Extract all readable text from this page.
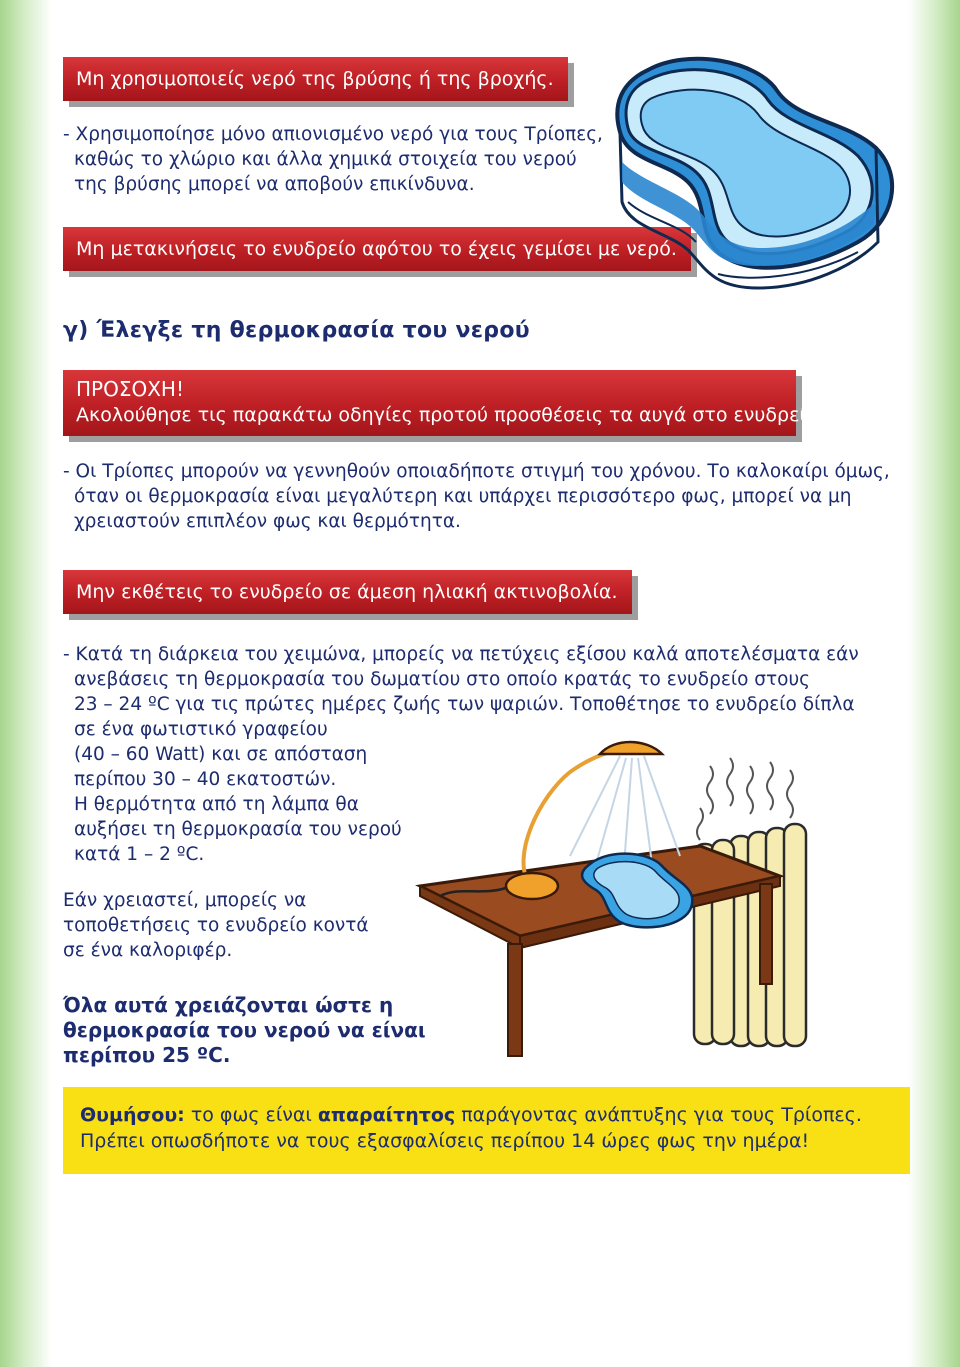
Μη χρησιμοποιείς νερό της βρύσης ή της βροχής.
- Χρησιμοποίησε μόνο απιονισμένο νερό για τους Τρίοπες,
καθώς το χλώριο και άλλα χημικά στοιχεία του νερού
της βρύσης μπορεί να αποβούν επικίνδυνα.
Μη μετακινήσεις το ενυδρείο αφότου το έχεις γεμίσει με νερό.
γ) Έλεγξε τη θερμοκρασία του νερού
ΠΡΟΣΟΧΗ!
Ακολούθησε τις παρακάτω οδηγίες προτού προσθέσεις τα αυγά στο ενυδρείο.
- Οι Τρίοπες μπορούν να γεννηθούν οποιαδήποτε στιγμή του χρόνου. Το καλοκαίρι όμως,
όταν οι θερμοκρασία είναι μεγαλύτερη και υπάρχει περισσότερο φως, μπορεί να μη
χρειαστούν επιπλέον φως και θερμότητα.
Μην εκθέτεις το ενυδρείο σε άμεση ηλιακή ακτινοβολία.
- Κατά τη διάρκεια του χειμώνα, μπορείς να πετύχεις εξίσου καλά αποτελέσματα εάν
ανεβάσεις τη θερμοκρασία του δωματίου στο οποίο κρατάς το ενυδρείο στους
23 – 24 ºC για τις πρώτες ημέρες ζωής των ψαριών. Τοποθέτησε το ενυδρείο δίπλα
σε ένα φωτιστικό γραφείου
(40 – 60 Watt) και σε απόσταση
περίπου 30 – 40 εκατοστών.
Η θερμότητα από τη λάμπα θα
αυξήσει τη θερμοκρασία του νερού
κατά 1 – 2 ºC.
Εάν χρειαστεί, μπορείς να
τοποθετήσεις το ενυδρείο κοντά
σε ένα καλοριφέρ.
Όλα αυτά χρειάζονται ώστε η
θερμοκρασία του νερού να είναι
περίπου 25 ºC.
Θυμήσου: το φως είναι απαραίτητος παράγοντας ανάπτυξης για τους Τρίοπες.
Πρέπει οπωσδήποτε να τους εξασφαλίσεις περίπου 14 ώρες φως την ημέρα!
